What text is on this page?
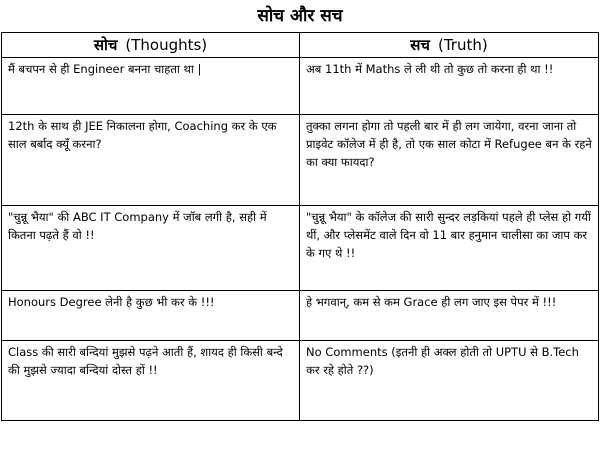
सोच और सच
सोच (Thoughts)	सच (Truth)
मैं बचपन से ही Engineer बनना चाहता था |	अब 11th में Maths ले ली थी तो कुछ तो करना ही था !!
12th के साथ ही JEE निकालना होगा, Coaching कर के एक साल बर्बाद क्यूँ करना?	तुक्का लगना होगा तो पहली बार में ही लग जायेगा, वरना जाना तो प्राइवेट कॉलेज में ही है, तो एक साल कोटा में Refugee बन के रहने का क्या फायदा?
"चुन्नू भैया" की ABC IT Company में जॉब लगी है, सही में कितना पढ़ते हैं वो !!	"चुन्नू भैया" के कॉलेज की सारी सुन्दर लड़कियां पहले ही प्लेस हो गयीं थीं, और प्लेसमेंट वाले दिन वो 11 बार हनुमान चालीसा का जाप कर के गए थे !!
Honours Degree लेनी है कुछ भी कर के !!!	हे भगवान्, कम से कम Grace ही लग जाए इस पेपर में !!!
Class की सारी बन्दियां मुझसे पढ़ने आती हैं, शायद ही किसी बन्दे की मुझसे ज्यादा बन्दियां दोस्त हों !!	No Comments (इतनी ही अक्ल होती तो UPTU से B.Tech कर रहे होते ??)
